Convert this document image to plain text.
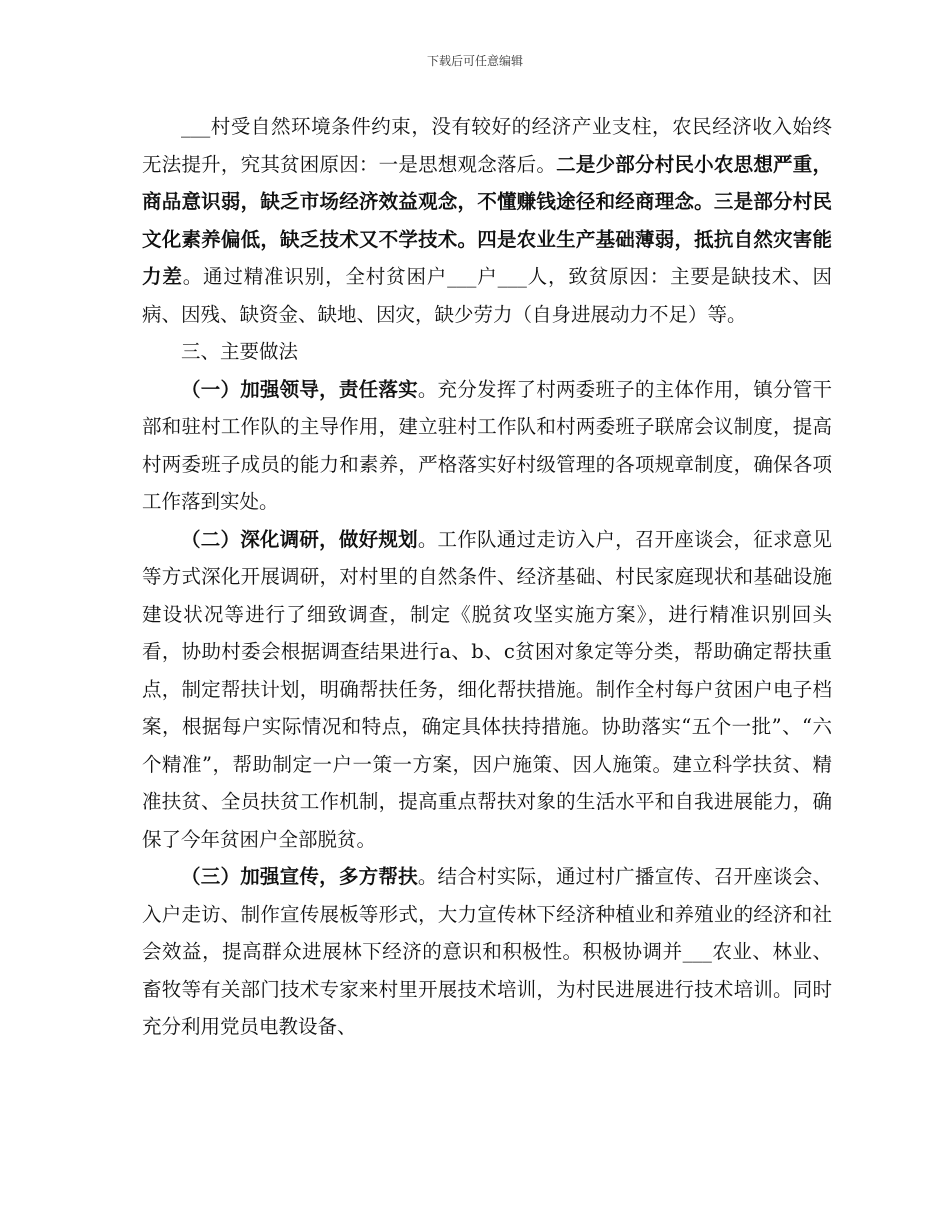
下载后可任意编辑

___村受自然环境条件约束，没有较好的经济产业支柱，农民经济收入始终无法提升，究其贫困原因：一是思想观念落后。二是少部分村民小农思想严重，商品意识弱，缺乏市场经济效益观念，不懂赚钱途径和经商理念。三是部分村民文化素养偏低，缺乏技术又不学技术。四是农业生产基础薄弱，抵抗自然灾害能力差。通过精准识别，全村贫困户___户___人，致贫原因：主要是缺技术、因病、因残、缺资金、缺地、因灾，缺少劳力（自身进展动力不足）等。

三、主要做法

（一）加强领导，责任落实。充分发挥了村两委班子的主体作用，镇分管干部和驻村工作队的主导作用，建立驻村工作队和村两委班子联席会议制度，提高村两委班子成员的能力和素养，严格落实好村级管理的各项规章制度，确保各项工作落到实处。

（二）深化调研，做好规划。工作队通过走访入户，召开座谈会，征求意见等方式深化开展调研，对村里的自然条件、经济基础、村民家庭现状和基础设施建设状况等进行了细致调查，制定《脱贫攻坚实施方案》，进行精准识别回头看，协助村委会根据调查结果进行a、b、c贫困对象定等分类，帮助确定帮扶重点，制定帮扶计划，明确帮扶任务，细化帮扶措施。制作全村每户贫困户电子档案，根据每户实际情况和特点，确定具体扶持措施。协助落实“五个一批”、“六个精准”，帮助制定一户一策一方案，因户施策、因人施策。建立科学扶贫、精准扶贫、全员扶贫工作机制，提高重点帮扶对象的生活水平和自我进展能力，确保了今年贫困户全部脱贫。

（三）加强宣传，多方帮扶。结合村实际，通过村广播宣传、召开座谈会、入户走访、制作宣传展板等形式，大力宣传林下经济种植业和养殖业的经济和社会效益，提高群众进展林下经济的意识和积极性。积极协调并___农业、林业、畜牧等有关部门技术专家来村里开展技术培训，为村民进展进行技术培训。同时充分利用党员电教设备、
